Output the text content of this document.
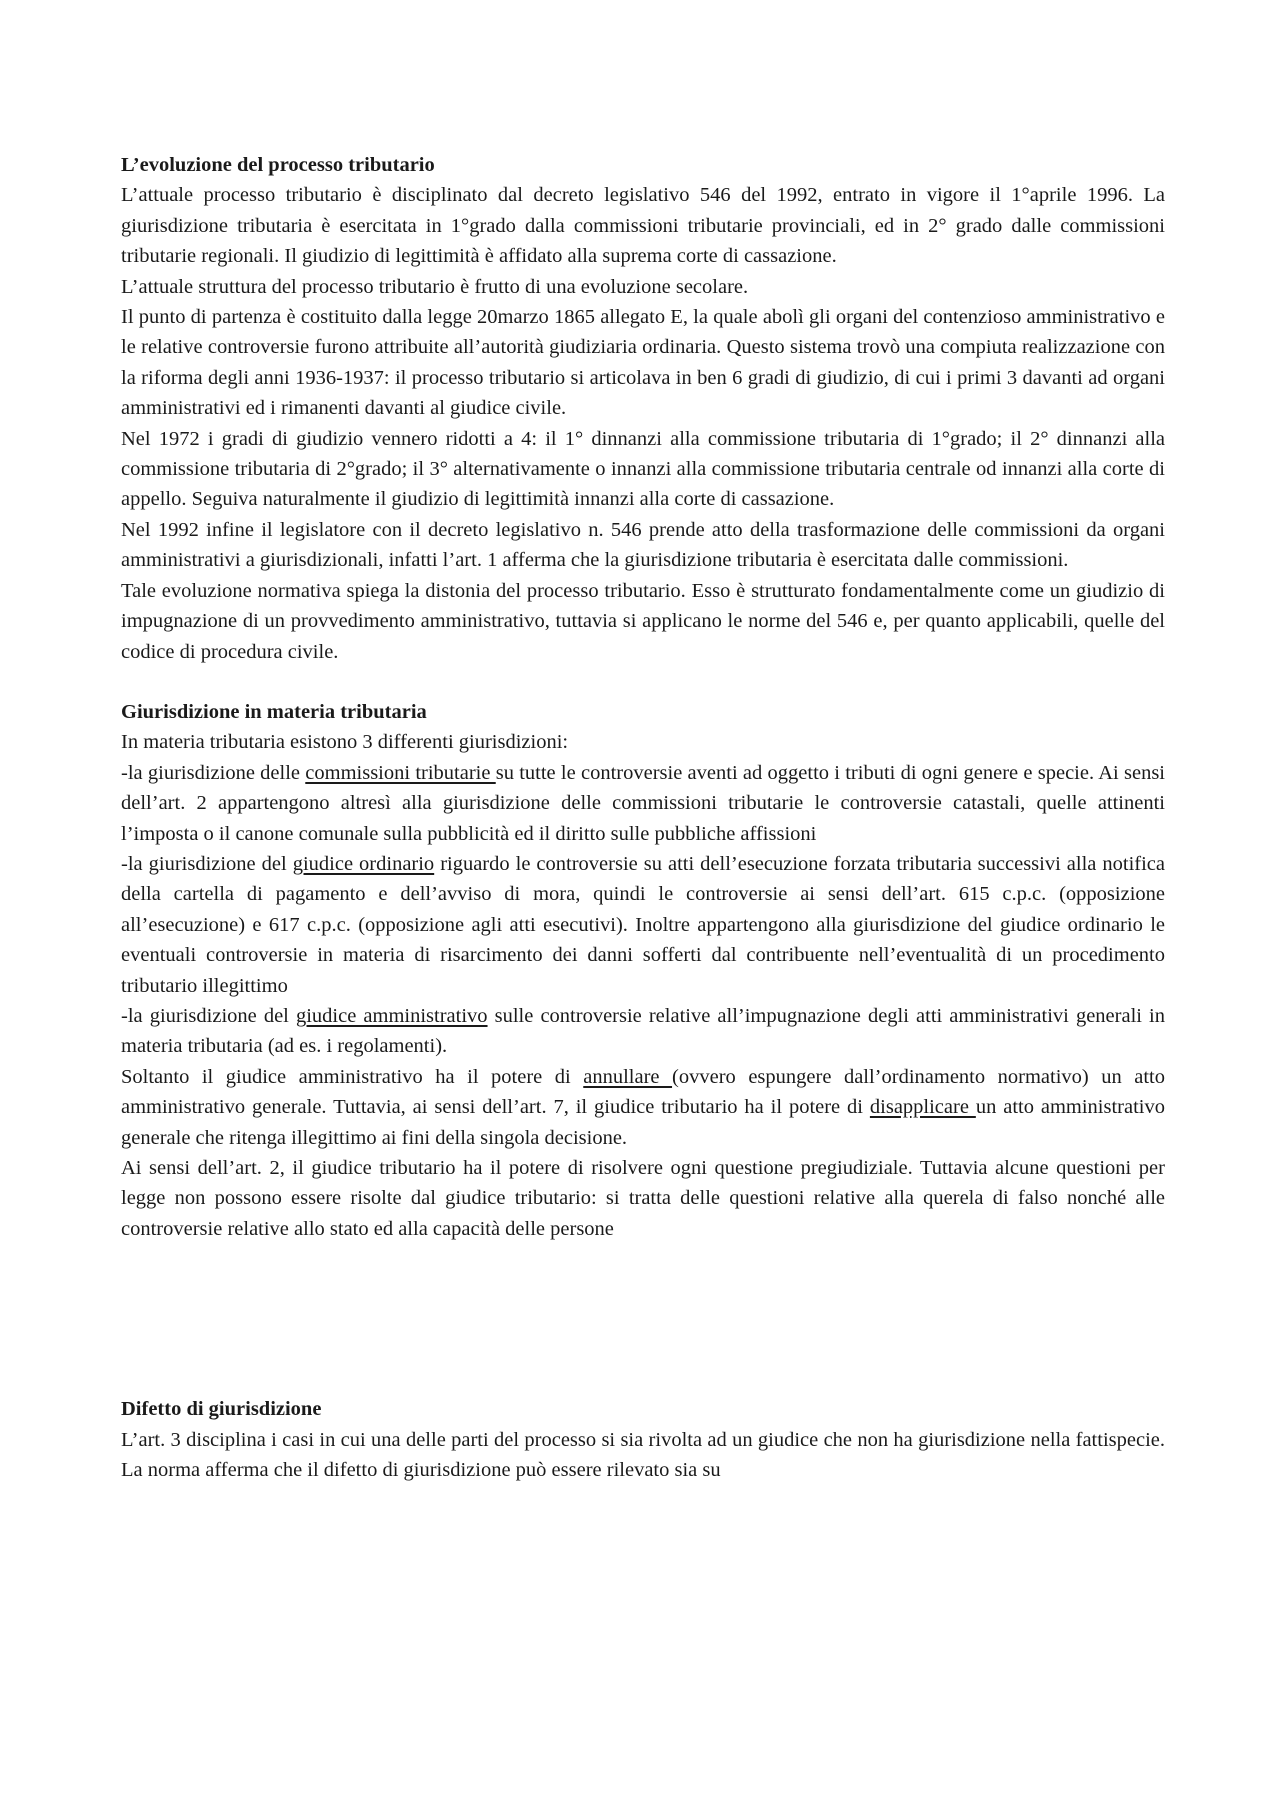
L’evoluzione del processo tributario

L’attuale processo tributario è disciplinato dal decreto legislativo 546 del 1992, entrato in vigore il 1°aprile 1996. La giurisdizione tributaria è esercitata in 1°grado dalla commissioni tributarie provinciali, ed in 2° grado dalle commissioni tributarie regionali. Il giudizio di legittimità è affidato alla suprema corte di cassazione.

L’attuale struttura del processo tributario è frutto di una evoluzione secolare.

Il punto di partenza è costituito dalla legge 20marzo 1865 allegato E, la quale abolì gli organi del contenzioso amministrativo e le relative controversie furono attribuite all’autorità giudiziaria ordinaria. Questo sistema trovò una compiuta realizzazione con la riforma degli anni 1936-1937: il processo tributario si articolava in ben 6 gradi di giudizio, di cui i primi 3 davanti ad organi amministrativi ed i rimanenti davanti al giudice civile.

Nel 1972 i gradi di giudizio vennero ridotti a 4: il 1° dinnanzi alla commissione tributaria di 1°grado; il 2° dinnanzi alla commissione tributaria di 2°grado; il 3° alternativamente o innanzi alla commissione tributaria centrale od innanzi alla corte di appello. Seguiva naturalmente il giudizio di legittimità innanzi alla corte di cassazione.

Nel 1992 infine il legislatore con il decreto legislativo n. 546 prende atto della trasformazione delle commissioni da organi amministrativi a giurisdizionali, infatti l’art. 1 afferma che la giurisdizione tributaria è esercitata dalle commissioni.

Tale evoluzione normativa spiega la distonia del processo tributario. Esso è strutturato fondamentalmente come un giudizio di impugnazione di un provvedimento amministrativo, tuttavia si applicano le norme del 546 e, per quanto applicabili, quelle del codice di procedura civile.

Giurisdizione in materia tributaria

In materia tributaria esistono 3 differenti giurisdizioni:

-la giurisdizione delle commissioni tributarie su tutte le controversie aventi ad oggetto i tributi di ogni genere e specie. Ai sensi dell’art. 2 appartengono altresì alla giurisdizione delle commissioni tributarie le controversie catastali, quelle attinenti l’imposta o il canone comunale sulla pubblicità ed il diritto sulle pubbliche affissioni

-la giurisdizione del giudice ordinario riguardo le controversie su atti dell’esecuzione forzata tributaria successivi alla notifica della cartella di pagamento e dell’avviso di mora, quindi le controversie ai sensi dell’art. 615 c.p.c. (opposizione all’esecuzione) e 617 c.p.c. (opposizione agli atti esecutivi). Inoltre appartengono alla giurisdizione del giudice ordinario le eventuali controversie in materia di risarcimento dei danni sofferti dal contribuente nell’eventualità di un procedimento tributario illegittimo

-la giurisdizione del giudice amministrativo sulle controversie relative all’impugnazione degli atti amministrativi generali in materia tributaria (ad es. i regolamenti).

Soltanto il giudice amministrativo ha il potere di annullare (ovvero espungere dall’ordinamento normativo) un atto amministrativo generale. Tuttavia, ai sensi dell’art. 7, il giudice tributario ha il potere di disapplicare un atto amministrativo generale che ritenga illegittimo ai fini della singola decisione.

Ai sensi dell’art. 2, il giudice tributario ha il potere di risolvere ogni questione pregiudiziale. Tuttavia alcune questioni per legge non possono essere risolte dal giudice tributario: si tratta delle questioni relative alla querela di falso nonché alle controversie relative allo stato ed alla capacità delle persone

Difetto di giurisdizione

L’art. 3 disciplina i casi in cui una delle parti del processo si sia rivolta ad un giudice che non ha giurisdizione nella fattispecie. La norma afferma che il difetto di giurisdizione può essere rilevato sia su
